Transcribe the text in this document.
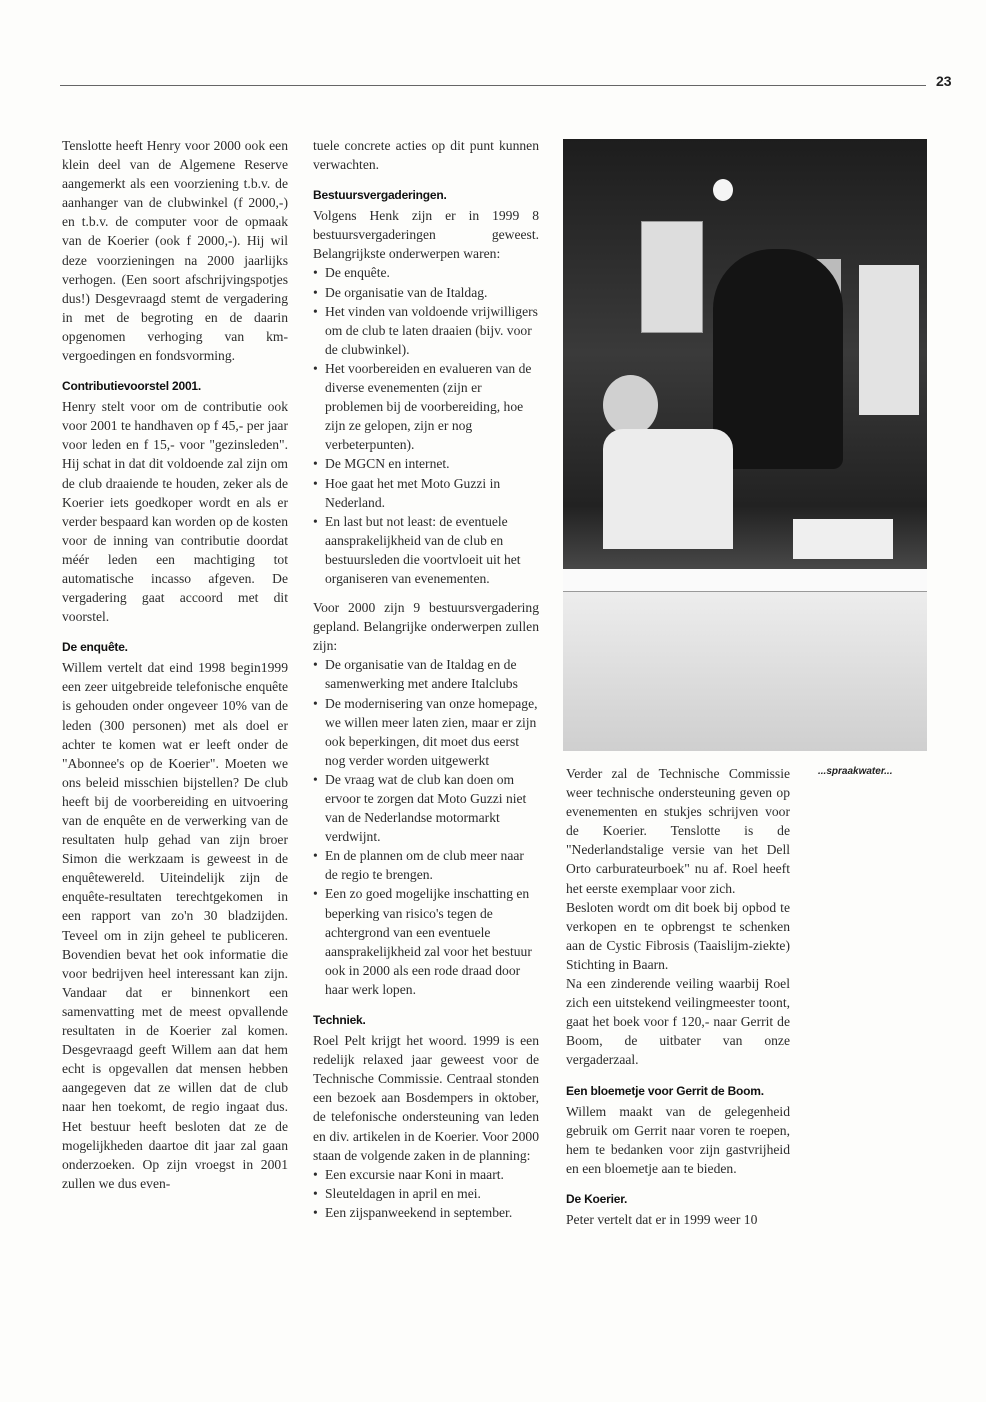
23

Tenslotte heeft Henry voor 2000 ook een klein deel van de Algemene Reserve aangemerkt als een voorziening t.b.v. de aanhanger van de clubwinkel (f 2000,-) en t.b.v. de computer voor de opmaak van de Koerier (ook f 2000,-). Hij wil deze voorzieningen na 2000 jaarlijks verhogen. (Een soort afschrijvingspotjes dus!) Desgevraagd stemt de vergadering in met de begroting en de daarin opgenomen verhoging van km-vergoedingen en fondsvorming.

Contributievoorstel 2001.

Henry stelt voor om de contributie ook voor 2001 te handhaven op f 45,- per jaar voor leden en f 15,- voor "gezinsleden". Hij schat in dat dit voldoende zal zijn om de club draaiende te houden, zeker als de Koerier iets goedkoper wordt en als er verder bespaard kan worden op de kosten voor de inning van contributie doordat méér leden een machtiging tot automatische incasso afgeven. De vergadering gaat accoord met dit voorstel.

De enquête.

Willem vertelt dat eind 1998 begin1999 een zeer uitgebreide telefonische enquête is gehouden onder ongeveer 10% van de leden (300 personen) met als doel er achter te komen wat er leeft onder de "Abonnee's op de Koerier". Moeten we ons beleid misschien bijstellen? De club heeft bij de voorbereiding en uitvoering van de enquête en de verwerking van de resultaten hulp gehad van zijn broer Simon die werkzaam is geweest in de enquêtewereld. Uiteindelijk zijn de enquête-resultaten terechtgekomen in een rapport van zo'n 30 bladzijden. Teveel om in zijn geheel te publiceren. Bovendien bevat het ook informatie die voor bedrijven heel interessant kan zijn. Vandaar dat er binnenkort een samenvatting met de meest opvallende resultaten in de Koerier zal komen. Desgevraagd geeft Willem aan dat hem echt is opgevallen dat mensen hebben aangegeven dat ze willen dat de club naar hen toekomt, de regio ingaat dus. Het bestuur heeft besloten dat ze de mogelijkheden daartoe dit jaar zal gaan onderzoeken. Op zijn vroegst in 2001 zullen we dus even-

tuele concrete acties op dit punt kunnen verwachten.

Bestuursvergaderingen.

Volgens Henk zijn er in 1999 8 bestuursvergaderingen geweest. Belangrijkste onderwerpen waren:

• De enquête.
• De organisatie van de Italdag.
• Het vinden van voldoende vrijwilligers om de club te laten draaien (bijv. voor de clubwinkel).
• Het voorbereiden en evalueren van de diverse evenementen (zijn er problemen bij de voorbereiding, hoe zijn ze gelopen, zijn er nog verbeterpunten).
• De MGCN en internet.
• Hoe gaat het met Moto Guzzi in Nederland.
• En last but not least: de eventuele aansprakelijkheid van de club en bestuursleden die voortvloeit uit het organiseren van evenementen.

Voor 2000 zijn 9 bestuursvergadering gepland. Belangrijke onderwerpen zullen zijn:

• De organisatie van de Italdag en de samenwerking met andere Italclubs
• De modernisering van onze homepage, we willen meer laten zien, maar er zijn ook beperkingen, dit moet dus eerst nog verder worden uitgewerkt
• De vraag wat de club kan doen om ervoor te zorgen dat Moto Guzzi niet van de Nederlandse motormarkt verdwijnt.
• En de plannen om de club meer naar de regio te brengen.
• Een zo goed mogelijke inschatting en beperking van risico's tegen de achtergrond van een eventuele aansprakelijkheid zal voor het bestuur ook in 2000 als een rode draad door haar werk lopen.
Techniek.

Roel Pelt krijgt het woord. 1999 is een redelijk relaxed jaar geweest voor de Technische Commissie. Centraal stonden een bezoek aan Bosdempers in oktober, de telefonische ondersteuning van leden en div. artikelen in de Koerier. Voor 2000 staan de volgende zaken in de planning:

• Een excursie naar Koni in maart.
• Sleuteldagen in april en mei.
• Een zijspanweekend in september.

Verder zal de Technische Commissie weer technische ondersteuning geven op evenementen en stukjes schrijven voor de Koerier. Tenslotte is de "Nederlandstalige versie van het Dell Orto carburateurboek" nu af. Roel heeft het eerste exemplaar voor zich.

Besloten wordt om dit boek bij opbod te verkopen en te opbrengst te schenken aan de Cystic Fibrosis (Taaislijm-ziekte) Stichting in Baarn.

Na een zinderende veiling waarbij Roel zich een uitstekend veilingmeester toont, gaat het boek voor f 120,- naar Gerrit de Boom, de uitbater van onze vergaderzaal.

Een bloemetje voor Gerrit de Boom.

Willem maakt van de gelegenheid gebruik om Gerrit naar voren te roepen, hem te bedanken voor zijn gastvrijheid en een bloemetje aan te bieden.

De Koerier.

Peter vertelt dat er in 1999 weer 10

...spraakwater...
